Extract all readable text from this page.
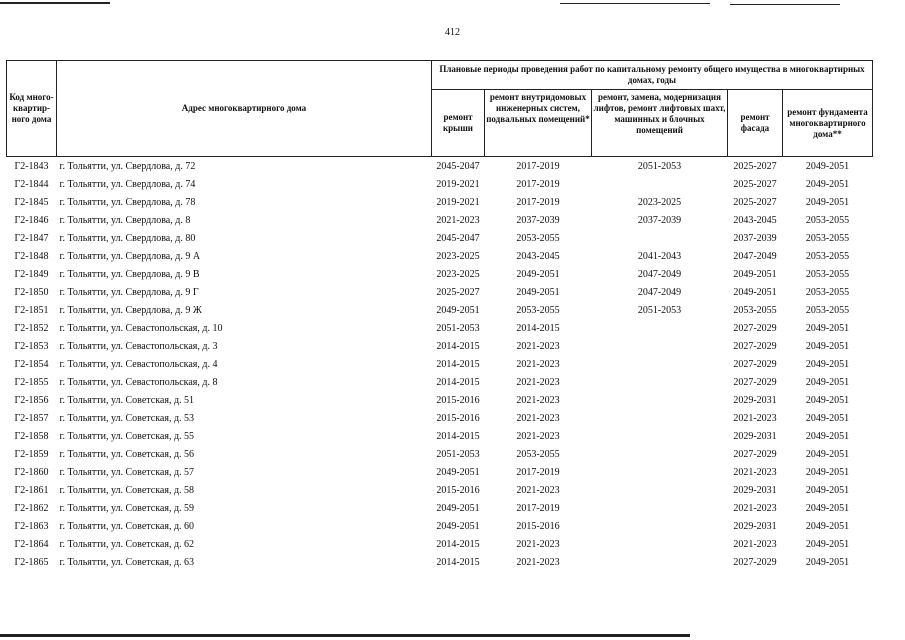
412
Код много-квартир-ного дома	Адрес многоквартирного дома	Плановые периоды проведения работ по капитальному ремонту общего имущества в многоквартирных домах, годы				
		ремонт крыши	ремонт внутридомовых инженерных систем, подвальных помещений*	ремонт, замена, модернизация лифтов, ремонт лифтовых шахт, машинных и блочных помещений	ремонт фасада	ремонт фундамента многоквартирного дома**
Г2-1843	г. Тольятти, ул. Свердлова, д. 72	2045-2047	2017-2019	2051-2053	2025-2027	2049-2051
Г2-1844	г. Тольятти, ул. Свердлова, д. 74	2019-2021	2017-2019		2025-2027	2049-2051
Г2-1845	г. Тольятти, ул. Свердлова, д. 78	2019-2021	2017-2019	2023-2025	2025-2027	2049-2051
Г2-1846	г. Тольятти, ул. Свердлова, д. 8	2021-2023	2037-2039	2037-2039	2043-2045	2053-2055
Г2-1847	г. Тольятти, ул. Свердлова, д. 80	2045-2047	2053-2055		2037-2039	2053-2055
Г2-1848	г. Тольятти, ул. Свердлова, д. 9 А	2023-2025	2043-2045	2041-2043	2047-2049	2053-2055
Г2-1849	г. Тольятти, ул. Свердлова, д. 9 В	2023-2025	2049-2051	2047-2049	2049-2051	2053-2055
Г2-1850	г. Тольятти, ул. Свердлова, д. 9 Г	2025-2027	2049-2051	2047-2049	2049-2051	2053-2055
Г2-1851	г. Тольятти, ул. Свердлова, д. 9 Ж	2049-2051	2053-2055	2051-2053	2053-2055	2053-2055
Г2-1852	г. Тольятти, ул. Севастопольская, д. 10	2051-2053	2014-2015		2027-2029	2049-2051
Г2-1853	г. Тольятти, ул. Севастопольская, д. 3	2014-2015	2021-2023		2027-2029	2049-2051
Г2-1854	г. Тольятти, ул. Севастопольская, д. 4	2014-2015	2021-2023		2027-2029	2049-2051
Г2-1855	г. Тольятти, ул. Севастопольская, д. 8	2014-2015	2021-2023		2027-2029	2049-2051
Г2-1856	г. Тольятти, ул. Советская, д. 51	2015-2016	2021-2023		2029-2031	2049-2051
Г2-1857	г. Тольятти, ул. Советская, д. 53	2015-2016	2021-2023		2021-2023	2049-2051
Г2-1858	г. Тольятти, ул. Советская, д. 55	2014-2015	2021-2023		2029-2031	2049-2051
Г2-1859	г. Тольятти, ул. Советская, д. 56	2051-2053	2053-2055		2027-2029	2049-2051
Г2-1860	г. Тольятти, ул. Советская, д. 57	2049-2051	2017-2019		2021-2023	2049-2051
Г2-1861	г. Тольятти, ул. Советская, д. 58	2015-2016	2021-2023		2029-2031	2049-2051
Г2-1862	г. Тольятти, ул. Советская, д. 59	2049-2051	2017-2019		2021-2023	2049-2051
Г2-1863	г. Тольятти, ул. Советская, д. 60	2049-2051	2015-2016		2029-2031	2049-2051
Г2-1864	г. Тольятти, ул. Советская, д. 62	2014-2015	2021-2023		2021-2023	2049-2051
Г2-1865	г. Тольятти, ул. Советская, д. 63	2014-2015	2021-2023		2027-2029	2049-2051
